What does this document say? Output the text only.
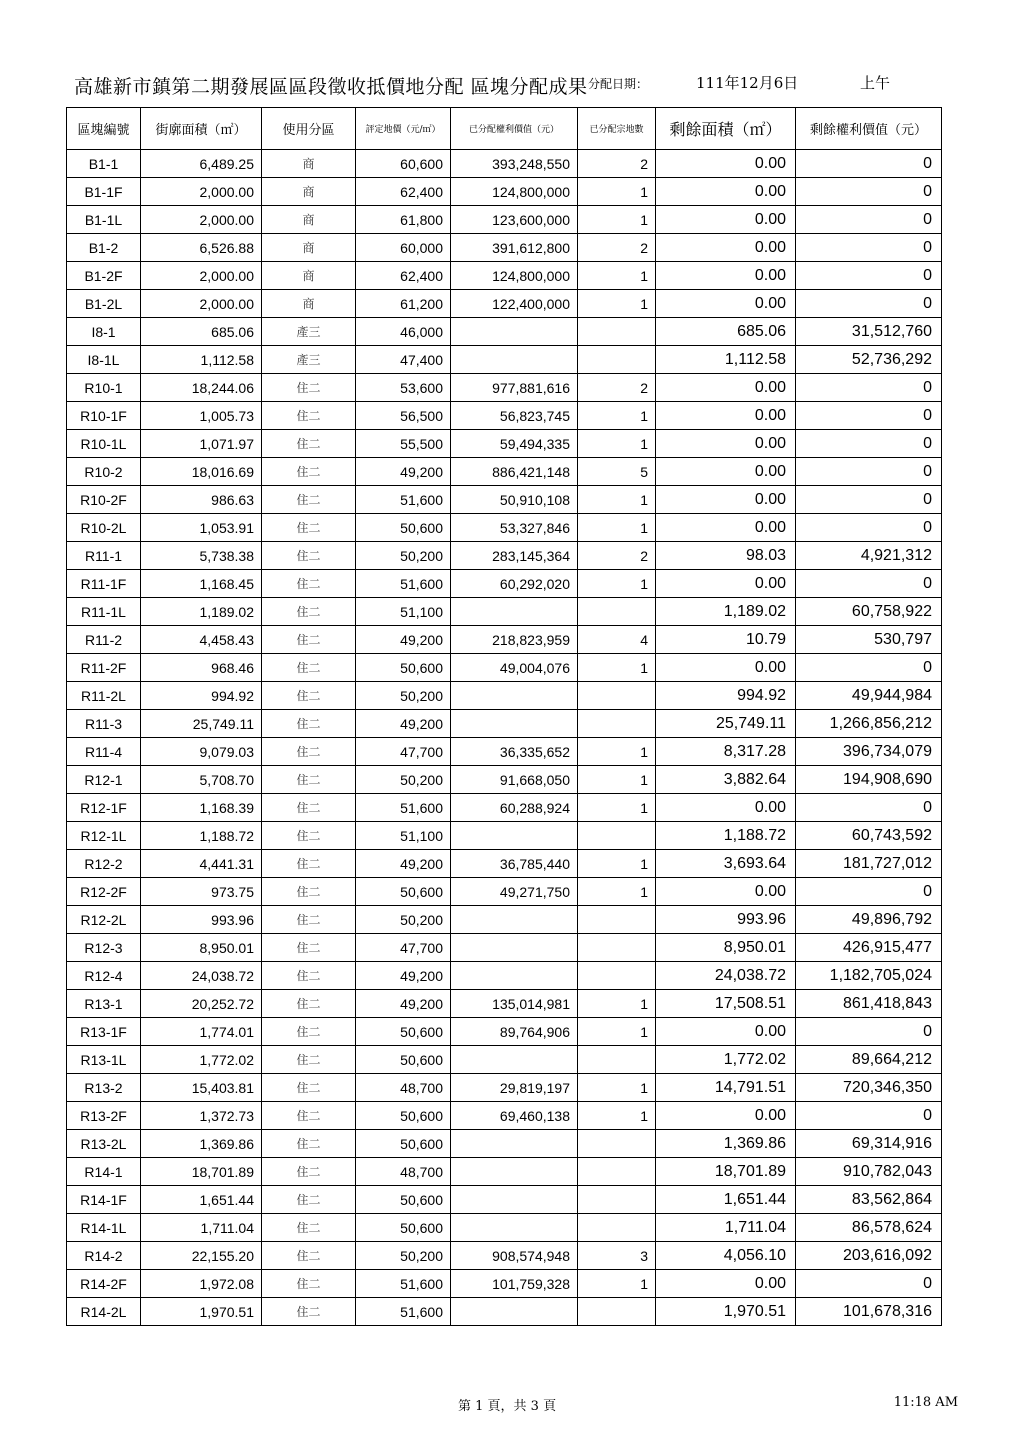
高雄新市鎮第二期發展區區段徵收抵價地分配 區塊分配成果 分配日期：	111年12月6日	上午
區塊編號	街廓面積（㎡）	使用分區	評定地價（元/㎡）	已分配權利價值（元）	已分配宗地數	剩餘面積（㎡）	剩餘權利價值（元）
B1-1	6,489.25	商	60,600	393,248,550	2	0.00	0
B1-1F	2,000.00	商	62,400	124,800,000	1	0.00	0
B1-1L	2,000.00	商	61,800	123,600,000	1	0.00	0
B1-2	6,526.88	商	60,000	391,612,800	2	0.00	0
B1-2F	2,000.00	商	62,400	124,800,000	1	0.00	0
B1-2L	2,000.00	商	61,200	122,400,000	1	0.00	0
I8-1	685.06	產三	46,000			685.06	31,512,760
I8-1L	1,112.58	產三	47,400			1,112.58	52,736,292
R10-1	18,244.06	住二	53,600	977,881,616	2	0.00	0
R10-1F	1,005.73	住二	56,500	56,823,745	1	0.00	0
R10-1L	1,071.97	住二	55,500	59,494,335	1	0.00	0
R10-2	18,016.69	住二	49,200	886,421,148	5	0.00	0
R10-2F	986.63	住二	51,600	50,910,108	1	0.00	0
R10-2L	1,053.91	住二	50,600	53,327,846	1	0.00	0
R11-1	5,738.38	住二	50,200	283,145,364	2	98.03	4,921,312
R11-1F	1,168.45	住二	51,600	60,292,020	1	0.00	0
R11-1L	1,189.02	住二	51,100			1,189.02	60,758,922
R11-2	4,458.43	住二	49,200	218,823,959	4	10.79	530,797
R11-2F	968.46	住二	50,600	49,004,076	1	0.00	0
R11-2L	994.92	住二	50,200			994.92	49,944,984
R11-3	25,749.11	住二	49,200			25,749.11	1,266,856,212
R11-4	9,079.03	住二	47,700	36,335,652	1	8,317.28	396,734,079
R12-1	5,708.70	住二	50,200	91,668,050	1	3,882.64	194,908,690
R12-1F	1,168.39	住二	51,600	60,288,924	1	0.00	0
R12-1L	1,188.72	住二	51,100			1,188.72	60,743,592
R12-2	4,441.31	住二	49,200	36,785,440	1	3,693.64	181,727,012
R12-2F	973.75	住二	50,600	49,271,750	1	0.00	0
R12-2L	993.96	住二	50,200			993.96	49,896,792
R12-3	8,950.01	住二	47,700			8,950.01	426,915,477
R12-4	24,038.72	住二	49,200			24,038.72	1,182,705,024
R13-1	20,252.72	住二	49,200	135,014,981	1	17,508.51	861,418,843
R13-1F	1,774.01	住二	50,600	89,764,906	1	0.00	0
R13-1L	1,772.02	住二	50,600			1,772.02	89,664,212
R13-2	15,403.81	住二	48,700	29,819,197	1	14,791.51	720,346,350
R13-2F	1,372.73	住二	50,600	69,460,138	1	0.00	0
R13-2L	1,369.86	住二	50,600			1,369.86	69,314,916
R14-1	18,701.89	住二	48,700			18,701.89	910,782,043
R14-1F	1,651.44	住二	50,600			1,651.44	83,562,864
R14-1L	1,711.04	住二	50,600			1,711.04	86,578,624
R14-2	22,155.20	住二	50,200	908,574,948	3	4,056.10	203,616,092
R14-2F	1,972.08	住二	51,600	101,759,328	1	0.00	0
R14-2L	1,970.51	住二	51,600			1,970.51	101,678,316
第 1 頁，共 3 頁	11:18 AM
